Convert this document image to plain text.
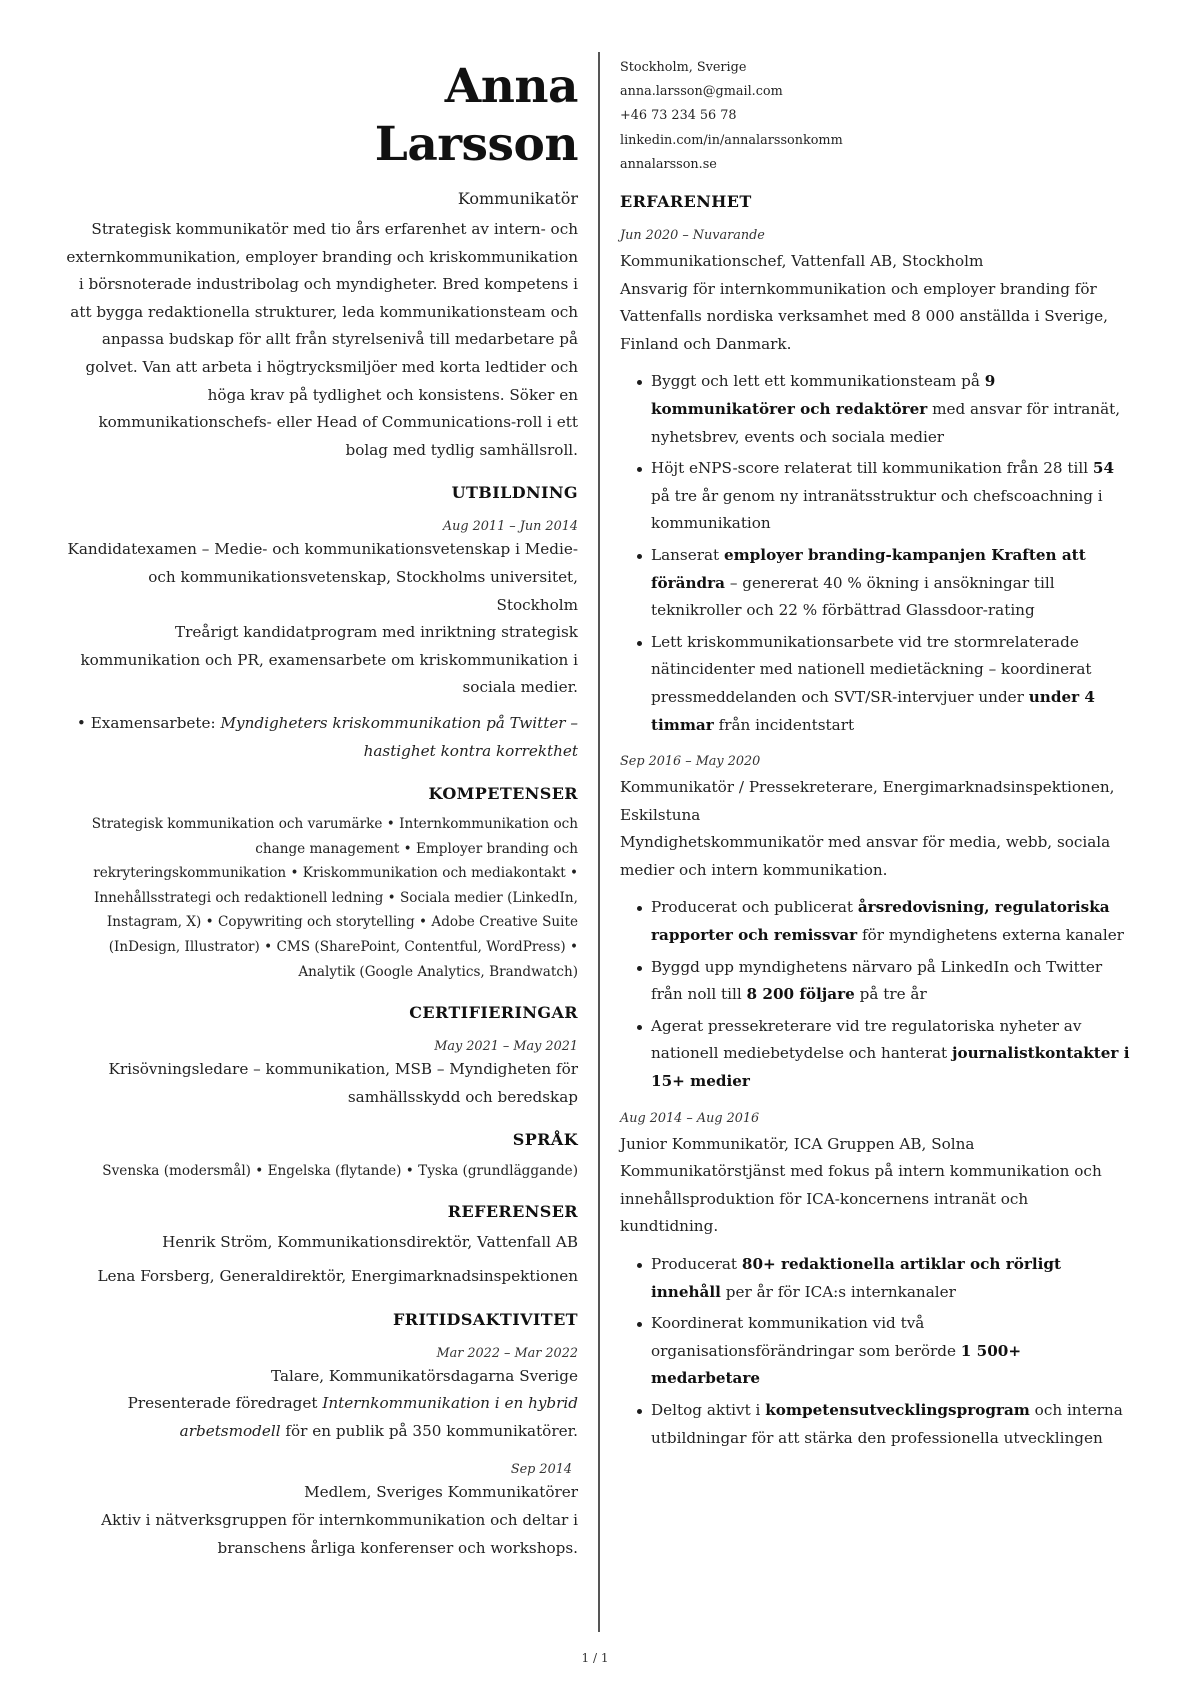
Anna
Larsson
Kommunikatör
Strategisk kommunikatör med tio års erfarenhet av intern- och externkommunikation, employer branding och kriskommunikation i börsnoterade industribolag och myndigheter. Bred kompetens i att bygga redaktionella strukturer, leda kommunikationsteam och anpassa budskap för allt från styrelsenivå till medarbetare på golvet. Van att arbeta i högtrycksmiljöer med korta ledtider och höga krav på tydlighet och konsistens. Söker en kommunikationschefs- eller Head of Communications-roll i ett bolag med tydlig samhällsroll.
UTBILDNING
Aug 2011 – Jun 2014
Kandidatexamen – Medie- och kommunikationsvetenskap i Medie- och kommunikationsvetenskap, Stockholms universitet, Stockholm
Treårigt kandidatprogram med inriktning strategisk kommunikation och PR, examensarbete om kriskommunikation i sociala medier.
• Examensarbete: Myndigheters kriskommunikation på Twitter – hastighet kontra korrekthet
KOMPETENSER
Strategisk kommunikation och varumärke • Internkommunikation och change management • Employer branding och rekryteringskommunikation • Kriskommunikation och mediakontakt • Innehållsstrategi och redaktionell ledning • Sociala medier (LinkedIn, Instagram, X) • Copywriting och storytelling • Adobe Creative Suite (InDesign, Illustrator) • CMS (SharePoint, Contentful, WordPress) • Analytik (Google Analytics, Brandwatch)
CERTIFIERINGAR
May 2021 – May 2021
Krisövningsledare – kommunikation, MSB – Myndigheten för samhällsskydd och beredskap
SPRÅK
Svenska (modersmål) • Engelska (flytande) • Tyska (grundläggande)
REFERENSER
Henrik Ström, Kommunikationsdirektör, Vattenfall AB
Lena Forsberg, Generaldirektör, Energimarknadsinspektionen
FRITIDSAKTIVITET
Mar 2022 – Mar 2022
Talare, Kommunikatörsdagarna Sverige
Presenterade föredraget Internkommunikation i en hybrid arbetsmodell för en publik på 350 kommunikatörer.
Sep 2014
Medlem, Sveriges Kommunikatörer
Aktiv i nätverksgruppen för internkommunikation och deltar i branschens årliga konferenser och workshops.
Stockholm, Sverige
anna.larsson@gmail.com
+46 73 234 56 78
linkedin.com/in/annalarssonkomm
annalarsson.se
ERFARENHET
Jun 2020 – Nuvarande
Kommunikationschef, Vattenfall AB, Stockholm
Ansvarig för internkommunikation och employer branding för Vattenfalls nordiska verksamhet med 8 000 anställda i Sverige, Finland och Danmark.
Byggt och lett ett kommunikationsteam på 9 kommunikatörer och redaktörer med ansvar för intranät, nyhetsbrev, events och sociala medier
Höjt eNPS-score relaterat till kommunikation från 28 till 54 på tre år genom ny intranätsstruktur och chefscoachning i kommunikation
Lanserat employer branding-kampanjen Kraften att förändra – genererat 40 % ökning i ansökningar till teknikroller och 22 % förbättrad Glassdoor-rating
Lett kriskommunikationsarbete vid tre stormrelaterade nätincidenter med nationell medietäckning – koordinerat pressmeddelanden och SVT/SR-intervjuer under under 4 timmar från incidentstart
Sep 2016 – May 2020
Kommunikatör / Pressekreterare, Energimarknadsinspektionen, Eskilstuna
Myndighetskommunikatör med ansvar för media, webb, sociala medier och intern kommunikation.
Producerat och publicerat årsredovisning, regulatoriska rapporter och remissvar för myndighetens externa kanaler
Byggd upp myndighetens närvaro på LinkedIn och Twitter från noll till 8 200 följare på tre år
Agerat pressekreterare vid tre regulatoriska nyheter av nationell mediebetydelse och hanterat journalistkontakter i 15+ medier
Aug 2014 – Aug 2016
Junior Kommunikatör, ICA Gruppen AB, Solna
Kommunikatörstjänst med fokus på intern kommunikation och innehållsproduktion för ICA-koncernens intranät och kundtidning.
Producerat 80+ redaktionella artiklar och rörligt innehåll per år för ICA:s internkanaler
Koordinerat kommunikation vid två organisationsförändringar som berörde 1 500+ medarbetare
Deltog aktivt i kompetensutvecklingsprogram och interna utbildningar för att stärka den professionella utvecklingen
1 / 1
